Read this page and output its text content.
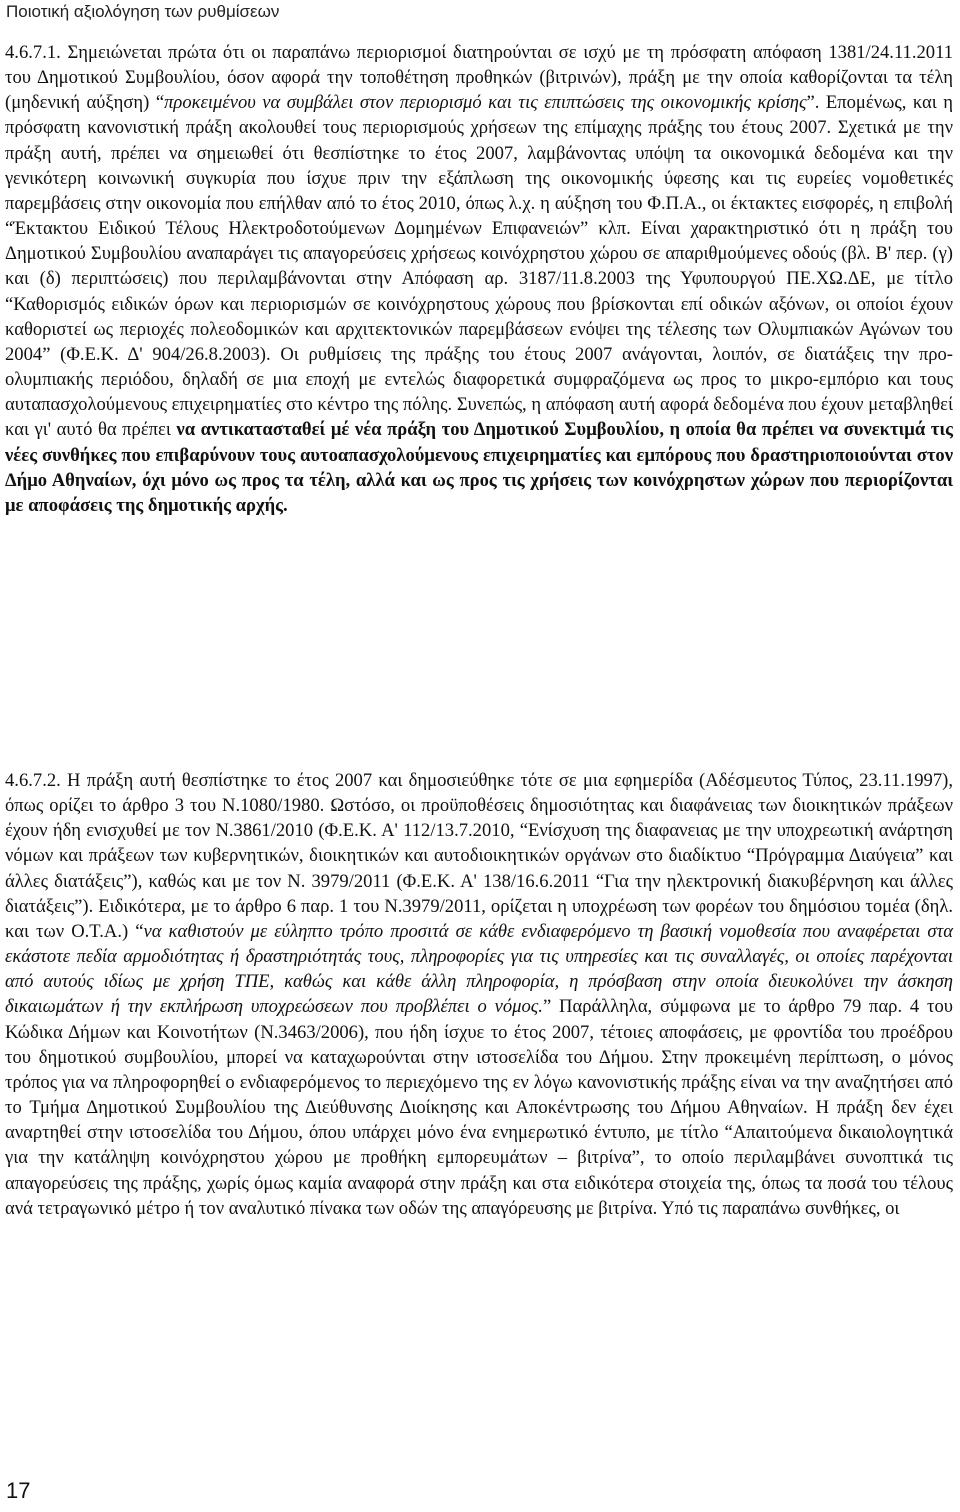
Ποιοτική αξιολόγηση των ρυθμίσεων
4.6.7.1. Σημειώνεται πρώτα ότι οι παραπάνω περιορισμοί διατηρούνται σε ισχύ με τη πρόσφατη απόφαση 1381/24.11.2011 του Δημοτικού Συμβουλίου, όσον αφορά την τοποθέτηση προθηκών (βιτρινών), πράξη με την οποία καθορίζονται τα τέλη (μηδενική αύξηση) “προκειμένου να συμβάλει στον περιορισμό και τις επιπτώσεις της οικονομικής κρίσης”. Επομένως, και η πρόσφατη κανονιστική πράξη ακολουθεί τους περιορισμούς χρήσεων της επίμαχης πράξης του έτους 2007. Σχετικά με την πράξη αυτή, πρέπει να σημειωθεί ότι θεσπίστηκε το έτος 2007, λαμβάνοντας υπόψη τα οικονομικά δεδομένα και την γενικότερη κοινωνική συγκυρία που ίσχυε πριν την εξάπλωση της οικονομικής ύφεσης και τις ευρείες νομοθετικές παρεμβάσεις στην οικονομία που επήλθαν από το έτος 2010, όπως λ.χ. η αύξηση του Φ.Π.Α., οι έκτακτες εισφορές, η επιβολή “Έκτακτου Ειδικού Τέλους Ηλεκτροδοτούμενων Δομημένων Επιφανειών” κλπ. Είναι χαρακτηριστικό ότι η πράξη του Δημοτικού Συμβουλίου αναπαράγει τις απαγορεύσεις χρήσεως κοινόχρηστου χώρου σε απαριθμούμενες οδούς (βλ. Β' περ. (γ) και (δ) περιπτώσεις) που περιλαμβάνονται στην Απόφαση αρ. 3187/11.8.2003 της Υφυπουργού ΠΕ.ΧΩ.ΔΕ, με τίτλο “Καθορισμός ειδικών όρων και περιορισμών σε κοινόχρηστους χώρους που βρίσκονται επί οδικών αξόνων, οι οποίοι έχουν καθοριστεί ως περιοχές πολεοδομικών και αρχιτεκτονικών παρεμβάσεων ενόψει της τέλεσης των Ολυμπιακών Αγώνων του 2004” (Φ.Ε.Κ. Δ' 904/26.8.2003). Οι ρυθμίσεις της πράξης του έτους 2007 ανάγονται, λοιπόν, σε διατάξεις την προ-ολυμπιακής περιόδου, δηλαδή σε μια εποχή με εντελώς διαφορετικά συμφραζόμενα ως προς το μικρο-εμπόριο και τους αυταπασχολούμενους επιχειρηματίες στο κέντρο της πόλης. Συνεπώς, η απόφαση αυτή αφορά δεδομένα που έχουν μεταβληθεί και γι' αυτό θα πρέπει να αντικατασταθεί μέ νέα πράξη του Δημοτικού Συμβουλίου, η οποία θα πρέπει να συνεκτιμά τις νέες συνθήκες που επιβαρύνουν τους αυτοαπασχολούμενους επιχειρηματίες και εμπόρους που δραστηριοποιούνται στον Δήμο Αθηναίων, όχι μόνο ως προς τα τέλη, αλλά και ως προς τις χρήσεις των κοινόχρηστων χώρων που περιορίζονται με αποφάσεις της δημοτικής αρχής.
4.6.7.2. Η πράξη αυτή θεσπίστηκε το έτος 2007 και δημοσιεύθηκε τότε σε μια εφημερίδα (Αδέσμευτος Τύπος, 23.11.1997), όπως ορίζει το άρθρο 3 του Ν.1080/1980. Ωστόσο, οι προϋποθέσεις δημοσιότητας και διαφάνειας των διοικητικών πράξεων έχουν ήδη ενισχυθεί με τον Ν.3861/2010 (Φ.Ε.Κ. Α' 112/13.7.2010, “Ενίσχυση της διαφανειας με την υποχρεωτική ανάρτηση νόμων και πράξεων των κυβερνητικών, διοικητικών και αυτοδιοικητικών οργάνων στο διαδίκτυο “Πρόγραμμα Διαύγεια” και άλλες διατάξεις”), καθώς και με τον Ν. 3979/2011 (Φ.Ε.Κ. Α' 138/16.6.2011 “Για την ηλεκτρονική διακυβέρνηση και άλλες διατάξεις”). Ειδικότερα, με το άρθρο 6 παρ. 1 του Ν.3979/2011, ορίζεται η υποχρέωση των φορέων του δημόσιου τομέα (δηλ. και των Ο.Τ.Α.) “να καθιστούν με εύληπτο τρόπο προσιτά σε κάθε ενδιαφερόμενο τη βασική νομοθεσία που αναφέρεται στα εκάστοτε πεδία αρμοδιότητας ή δραστηριότητάς τους, πληροφορίες για τις υπηρεσίες και τις συναλλαγές, οι οποίες παρέχονται από αυτούς ιδίως με χρήση ΤΠΕ, καθώς και κάθε άλλη πληροφορία, η πρόσβαση στην οποία διευκολύνει την άσκηση δικαιωμάτων ή την εκπλήρωση υποχρεώσεων που προβλέπει ο νόμος.” Παράλληλα, σύμφωνα με το άρθρο 79 παρ. 4 του Κώδικα Δήμων και Κοινοτήτων (Ν.3463/2006), που ήδη ίσχυε το έτος 2007, τέτοιες αποφάσεις, με φροντίδα του προέδρου του δημοτικού συμβουλίου, μπορεί να καταχωρούνται στην ιστοσελίδα του Δήμου. Στην προκειμένη περίπτωση, ο μόνος τρόπος για να πληροφορηθεί ο ενδιαφερόμενος το περιεχόμενο της εν λόγω κανονιστικής πράξης είναι να την αναζητήσει από το Τμήμα Δημοτικού Συμβουλίου της Διεύθυνσης Διοίκησης και Αποκέντρωσης του Δήμου Αθηναίων. Η πράξη δεν έχει αναρτηθεί στην ιστοσελίδα του Δήμου, όπου υπάρχει μόνο ένα ενημερωτικό έντυπο, με τίτλο “Απαιτούμενα δικαιολογητικά για την κατάληψη κοινόχρηστου χώρου με προθήκη εμπορευμάτων – βιτρίνα”, το οποίο περιλαμβάνει συνοπτικά τις απαγορεύσεις της πράξης, χωρίς όμως καμία αναφορά στην πράξη και στα ειδικότερα στοιχεία της, όπως τα ποσά του τέλους ανά τετραγωνικό μέτρο ή τον αναλυτικό πίνακα των οδών της απαγόρευσης με βιτρίνα. Υπό τις παραπάνω συνθήκες, οι
17
